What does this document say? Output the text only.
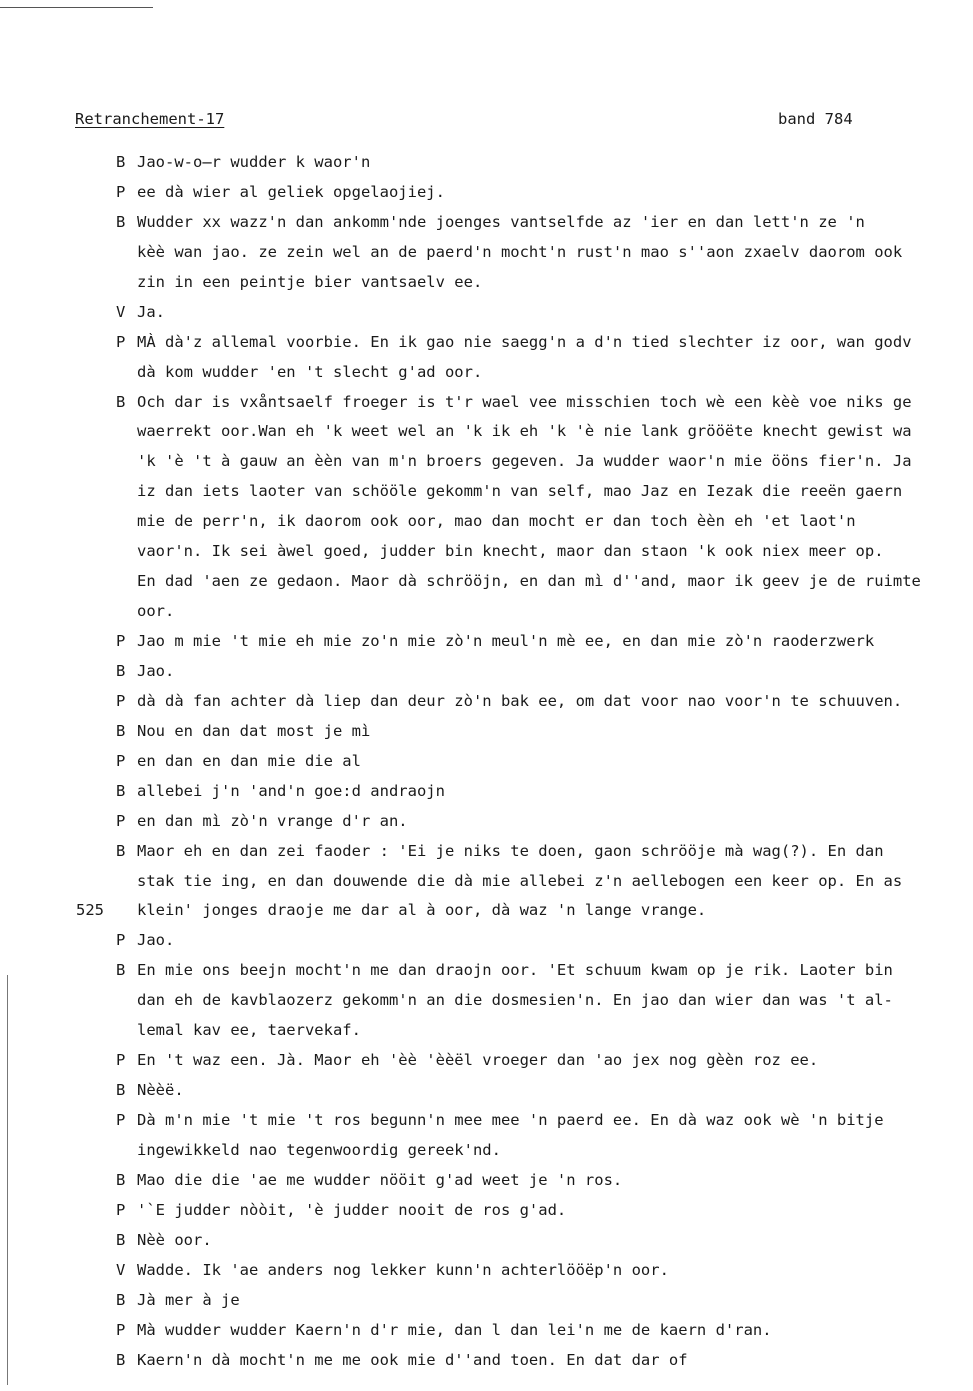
Retranchement-17	band 784
B Jao-w-o̶r wudder k waor'n
P ee dà wier al geliek opgelaojiej.
B Wudder xx wazz'n dan ankomm'nde joenges vantselfde az 'ier en dan lett'n ze 'n
kèè wan jao. ze zein wel an de paerd'n mocht'n rust'n mao s''aon zxaelv daorom ook
zin in een peintje bier vantsaelv ee.
V Ja.
P MÀ dà'z allemal voorbie. En ik gao nie saegg'n a d'n tied slechter iz oor, wan godv
dà kom wudder 'en 't slecht g'ad oor.
B Och dar is vxåntsaelf froeger is t'r wael vee misschien toch wè een kèè voe niks ge
waerrekt oor.Wan eh 'k weet wel an 'k ik eh 'k 'è nie lank grööëte knecht gewist wa
'k 'è 't à gauw an èèn van m'n broers gegeven. Ja wudder waor'n mie ööns fier'n. Ja
iz dan iets laoter van schööle gekomm'n van self, mao Jaz en Iezak die reeën gaern
mie de perr'n, ik daorom ook oor, mao dan mocht er dan toch èèn eh 'et laot'n
vaor'n. Ik sei àwel goed, judder bin knecht, maor dan staon 'k ook niex meer op.
En dad 'aen ze gedaon. Maor dà schrööjn, en dan mì d''and, maor ik geev je de ruimte
oor.
P Jao m mie 't mie eh mie zo'n mie zò'n meul'n mè ee, en dan mie zò'n raoderzwerk
B Jao.
P dà dà fan achter dà liep dan deur zò'n bak ee, om dat voor nao voor'n te schuuven.
B Nou en dan dat most je mì
P en dan en dan mie die al
B allebei j'n 'and'n goe:d andraojn
P en dan mì zò'n vrange d'r an.
B Maor eh en dan zei faoder : 'Ei je niks te doen, gaon schrööje mà wag(?). En dan
stak tie ing, en dan douwende die dà mie allebei z'n aellebogen een keer op. En as
525 klein' jonges draoje me dar al à oor, dà waz 'n lange vrange.
P Jao.
B En mie ons beejn mocht'n me dan draojn oor. 'Et schuum kwam op je rik. Laoter bin
dan eh de kavblaozerz gekomm'n an die dosmesien'n. En jao dan wier dan was 't al-
lemal kav ee, taervekaf.
P En 't waz een. Jà. Maor eh 'èè 'èèël vroeger dan 'ao jex nog gèèn roz ee.
B Nèèë.
P Dà m'n mie 't mie 't ros begunn'n mee mee 'n paerd ee. En dà waz ook wè 'n bitje
ingewikkeld nao tegenwoordig gereek'nd.
B Mao die die 'ae me wudder nööit g'ad weet je 'n ros.
P '`E judder nòòit, 'è judder nooit de ros g'ad.
B Nèè oor.
V Wadde. Ik 'ae anders nog lekker kunn'n achterlööëp'n oor.
B Jà mer à je
P Mà wudder wudder Kaern'n d'r mie, dan l dan lei'n me de kaern d'ran.
B Kaern'n dà mocht'n me me ook mie d''and toen. En dat dar of
